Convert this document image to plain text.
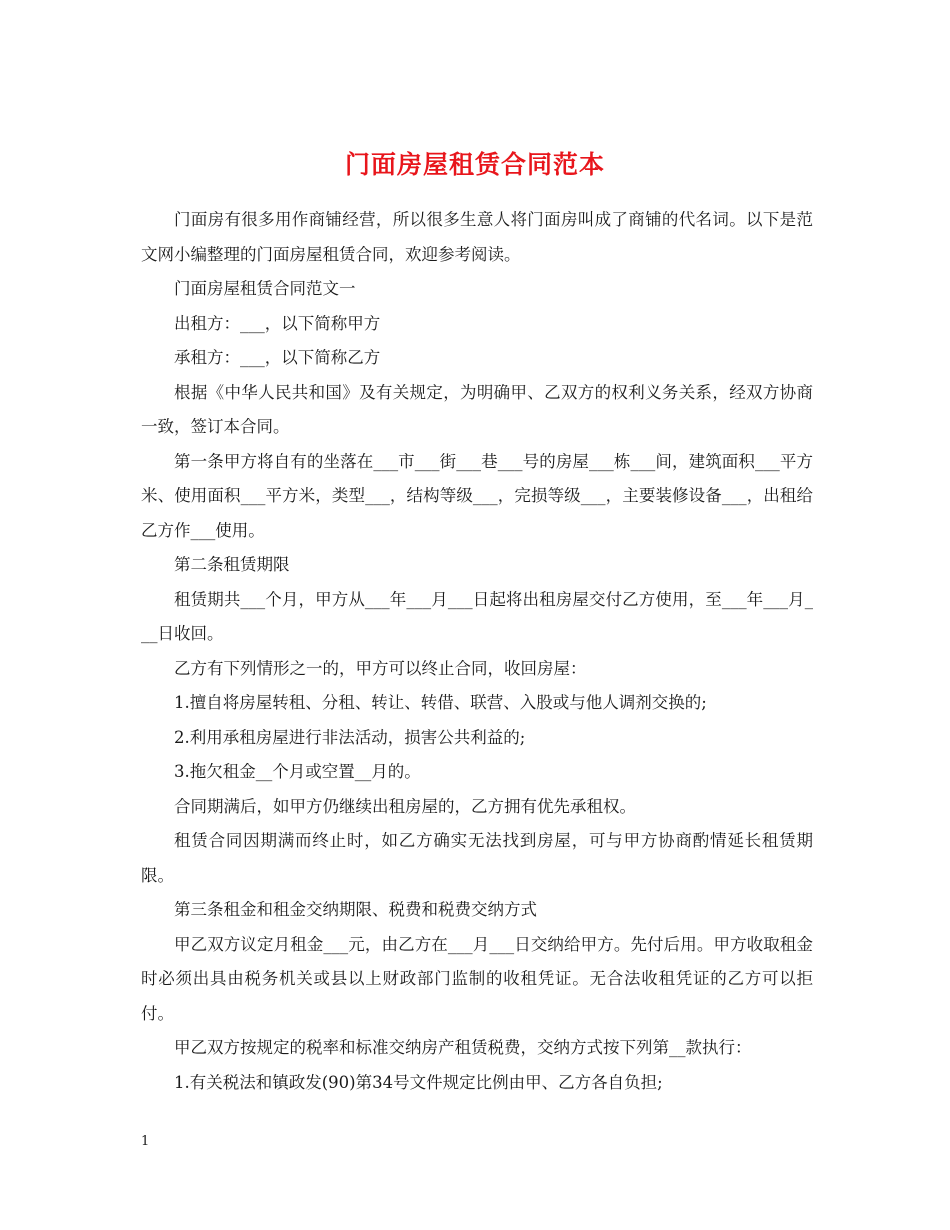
门面房屋租赁合同范本

门面房有很多用作商铺经营，所以很多生意人将门面房叫成了商铺的代名词。以下是范文网小编整理的门面房屋租赁合同，欢迎参考阅读。

门面房屋租赁合同范文一

出租方：___，以下简称甲方

承租方：___，以下简称乙方

根据《中华人民共和国》及有关规定，为明确甲、乙双方的权利义务关系，经双方协商一致，签订本合同。

第一条甲方将自有的坐落在___市___街___巷___号的房屋___栋___间，建筑面积___平方米、使用面积___平方米，类型___，结构等级___，完损等级___，主要装修设备___，出租给乙方作___使用。

第二条租赁期限

租赁期共___个月，甲方从___年___月___日起将出租房屋交付乙方使用，至___年___月___日收回。

乙方有下列情形之一的，甲方可以终止合同，收回房屋：

1.擅自将房屋转租、分租、转让、转借、联营、入股或与他人调剂交换的;

2.利用承租房屋进行非法活动，损害公共利益的;

3.拖欠租金__个月或空置__月的。

合同期满后，如甲方仍继续出租房屋的，乙方拥有优先承租权。

租赁合同因期满而终止时，如乙方确实无法找到房屋，可与甲方协商酌情延长租赁期限。

第三条租金和租金交纳期限、税费和税费交纳方式

甲乙双方议定月租金___元，由乙方在___月___日交纳给甲方。先付后用。甲方收取租金时必须出具由税务机关或县以上财政部门监制的收租凭证。无合法收租凭证的乙方可以拒付。

甲乙双方按规定的税率和标准交纳房产租赁税费，交纳方式按下列第__款执行：

1.有关税法和镇政发(90)第34号文件规定比例由甲、乙方各自负担;

1
